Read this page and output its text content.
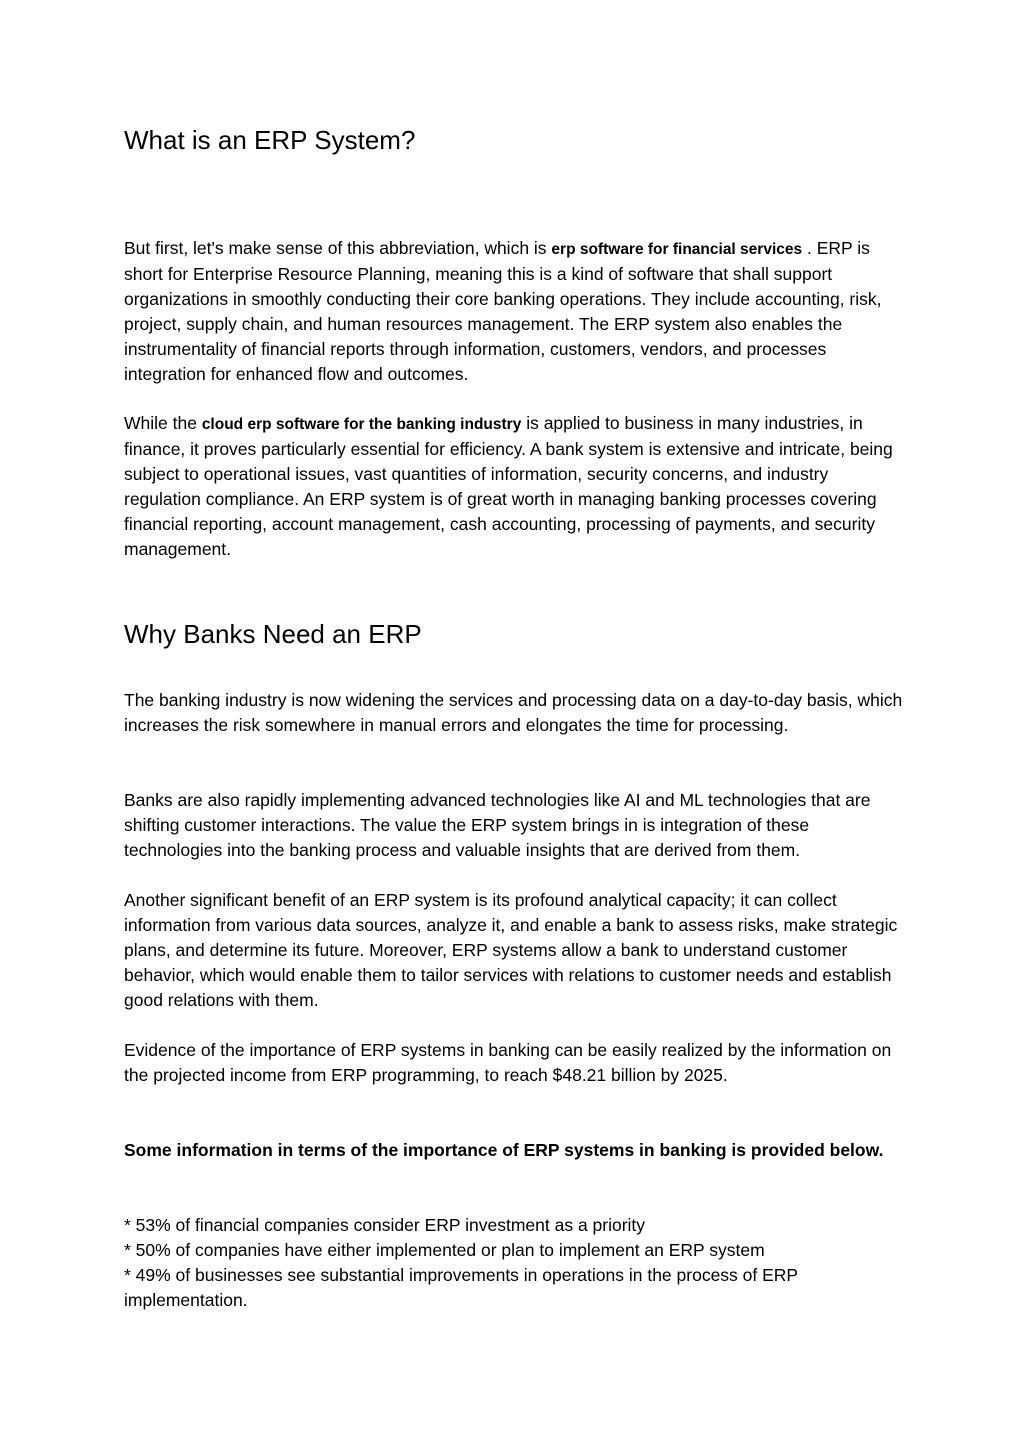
What is an ERP System?

But first, let's make sense of this abbreviation, which is erp software for financial services . ERP is short for Enterprise Resource Planning, meaning this is a kind of software that shall support organizations in smoothly conducting their core banking operations. They include accounting, risk, project, supply chain, and human resources management. The ERP system also enables the instrumentality of financial reports through information, customers, vendors, and processes integration for enhanced flow and outcomes.

While the cloud erp software for the banking industry is applied to business in many industries, in finance, it proves particularly essential for efficiency. A bank system is extensive and intricate, being subject to operational issues, vast quantities of information, security concerns, and industry regulation compliance. An ERP system is of great worth in managing banking processes covering financial reporting, account management, cash accounting, processing of payments, and security management.

Why Banks Need an ERP

The banking industry is now widening the services and processing data on a day-to-day basis, which increases the risk somewhere in manual errors and elongates the time for processing.

Banks are also rapidly implementing advanced technologies like AI and ML technologies that are shifting customer interactions. The value the ERP system brings in is integration of these technologies into the banking process and valuable insights that are derived from them.

Another significant benefit of an ERP system is its profound analytical capacity; it can collect information from various data sources, analyze it, and enable a bank to assess risks, make strategic plans, and determine its future. Moreover, ERP systems allow a bank to understand customer behavior, which would enable them to tailor services with relations to customer needs and establish good relations with them.

Evidence of the importance of ERP systems in banking can be easily realized by the information on the projected income from ERP programming, to reach $48.21 billion by 2025.

Some information in terms of the importance of ERP systems in banking is provided below.

* 53% of financial companies consider ERP investment as a priority

* 50% of companies have either implemented or plan to implement an ERP system

* 49% of businesses see substantial improvements in operations in the process of ERP implementation.
